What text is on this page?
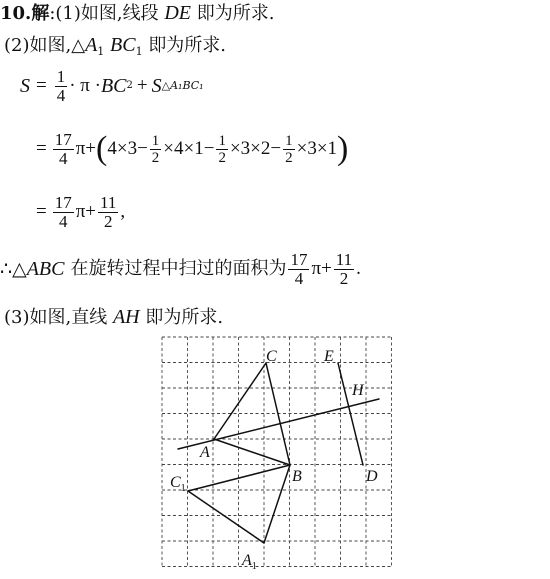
10.解:(1)如图,线段 DE 即为所求.
(2)如图$,\triangle A_1$ $BC_1$ 即为所求.
$S = \frac{1}{4} \cdot \pi$ · BC 2 + S △A₁BC₁
= $\frac{17}{4} \pi+$ ( $4\times 3- \frac{1}{2} \times 4\times 1- \frac{1}{2} \times 3\times 2- \frac{1}{2} \times 3\times 1$ )
= $\frac{17}{4} \pi+ \frac{11}{2}$ ,
∴△ ABC 在旋转过程中扫过的面积为 $\frac{17}{4} \pi+ \frac{11}{2}$ .
(3)如图,直线 AH 即为所求.
C	E
H
A
B	D
$C_1$
$A_1$
